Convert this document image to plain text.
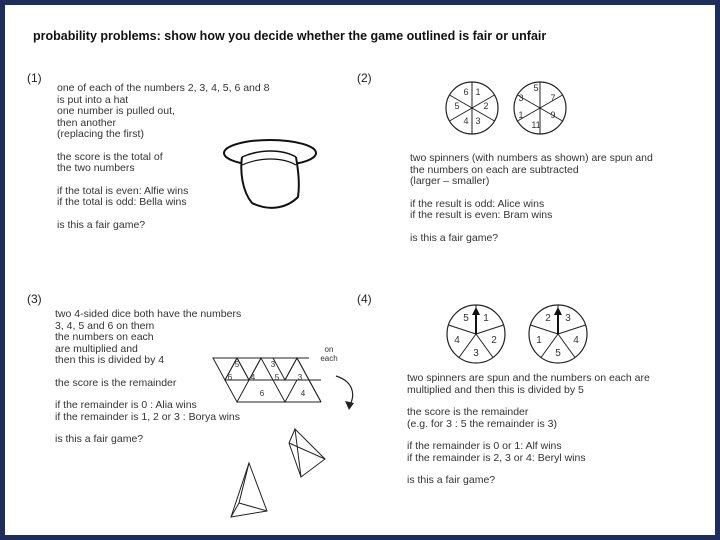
probability problems: show how you decide whether the game outlined is fair or unfair
(1)
one of each of the numbers 2, 3, 4, 5, 6 and 8
is put into a hat
one number is pulled out,
then another
(replacing the first)
the score is the total of
the two numbers
if the total is even: Alfie wins
if the total is odd: Bella wins
is this a fair game?
(2)
6 1
2
3
4
5
5
7
9
11
1
3
two spinners (with numbers as shown) are spun and
the numbers on each are subtracted
(larger – smaller)
if the result is odd: Alice wins
if the result is even: Bram wins
is this a fair game?
(3)
two 4-sided dice both have the numbers
3, 4, 5 and 6 on them
the numbers on each
are multiplied and
then this is divided by 4
the score is the remainder
if the remainder is 0 : Alia wins
if the remainder is 1, 2 or 3 : Borya wins
is this a fair game?
5	3
6	4	5	3
6	4
on
each
(4)
5 1
2
3
4
2 3
4
5
1
two spinners are spun and the numbers on each are
multiplied and then this is divided by 5
the score is the remainder
(e.g. for 3 : 5 the remainder is 3)
if the remainder is 0 or 1: Alf wins
if the remainder is 2, 3 or 4: Beryl wins
is this a fair game?
